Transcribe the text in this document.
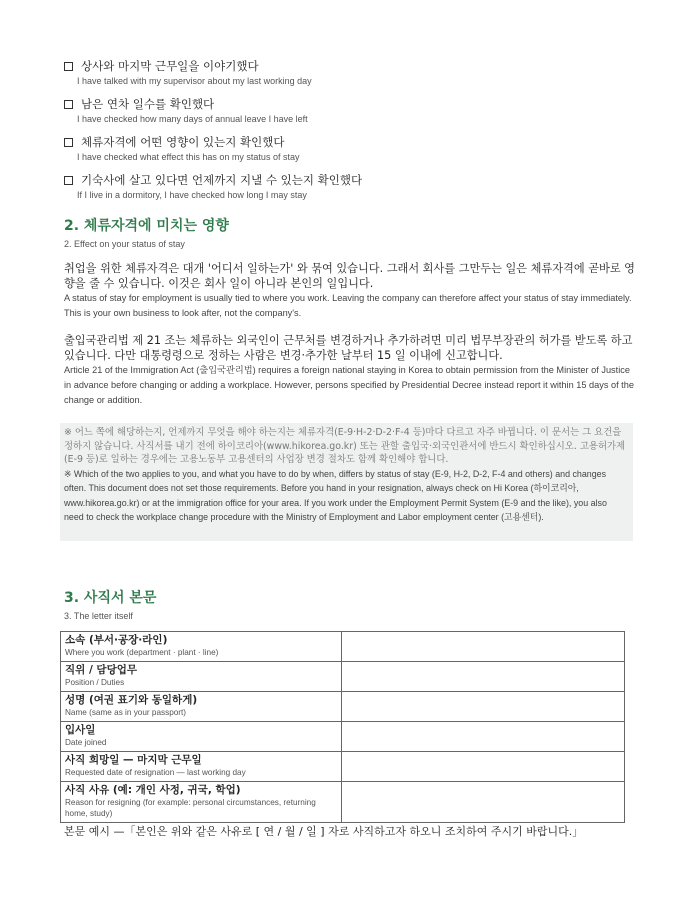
상사와 마지막 근무일을 이야기했다
I have talked with my supervisor about my last working day
남은 연차 일수를 확인했다
I have checked how many days of annual leave I have left
체류자격에 어떤 영향이 있는지 확인했다
I have checked what effect this has on my status of stay
기숙사에 살고 있다면 언제까지 지낼 수 있는지 확인했다
If I live in a dormitory, I have checked how long I may stay
2. 체류자격에 미치는 영향
2. Effect on your status of stay
취업을 위한 체류자격은 대개 '어디서 일하는가' 와 묶여 있습니다. 그래서 회사를 그만두는 일은 체류자격에 곧바로 영향을 줄 수 있습니다. 이것은 회사 일이 아니라 본인의 일입니다.
A status of stay for employment is usually tied to where you work. Leaving the company can therefore affect your status of stay immediately. This is your own business to look after, not the company's.
출입국관리법 제 21 조는 체류하는 외국인이 근무처를 변경하거나 추가하려면 미리 법무부장관의 허가를 받도록 하고 있습니다. 다만 대통령령으로 정하는 사람은 변경·추가한 날부터 15 일 이내에 신고합니다.
Article 21 of the Immigration Act (출입국관리법) requires a foreign national staying in Korea to obtain permission from the Minister of Justice in advance before changing or adding a workplace. However, persons specified by Presidential Decree instead report it within 15 days of the change or addition.
※ 어느 쪽에 해당하는지, 언제까지 무엇을 해야 하는지는 체류자격(E-9·H-2·D-2·F-4 등)마다 다르고 자주 바뀝니다. 이 문서는 그 요건을 정하지 않습니다. 사직서를 내기 전에 하이코리아(www.hikorea.go.kr) 또는 관할 출입국·외국인관서에 반드시 확인하십시오. 고용허가제(E-9 등)로 일하는 경우에는 고용노동부 고용센터의 사업장 변경 절차도 함께 확인해야 합니다.
※ Which of the two applies to you, and what you have to do by when, differs by status of stay (E-9, H-2, D-2, F-4 and others) and changes often. This document does not set those requirements. Before you hand in your resignation, always check on Hi Korea (하이코리아, www.hikorea.go.kr) or at the immigration office for your area. If you work under the Employment Permit System (E-9 and the like), you also need to check the workplace change procedure with the Ministry of Employment and Labor employment center (고용센터).
3. 사직서 본문
3. The letter itself
소속 (부서·공장·라인)
Where you work (department · plant · line)	

직위 / 담당업무
Position / Duties	

성명 (여권 표기와 동일하게)
Name (same as in your passport)	

입사일
Date joined	

사직 희망일 — 마지막 근무일
Requested date of resignation — last working day	

사직 사유 (예: 개인 사정, 귀국, 학업)
Reason for resigning (for example: personal circumstances, returning home, study)	

본문 예시 —「본인은 위와 같은 사유로 [ 연 / 월 / 일 ] 자로 사직하고자 하오니 조치하여 주시기 바랍니다.」
